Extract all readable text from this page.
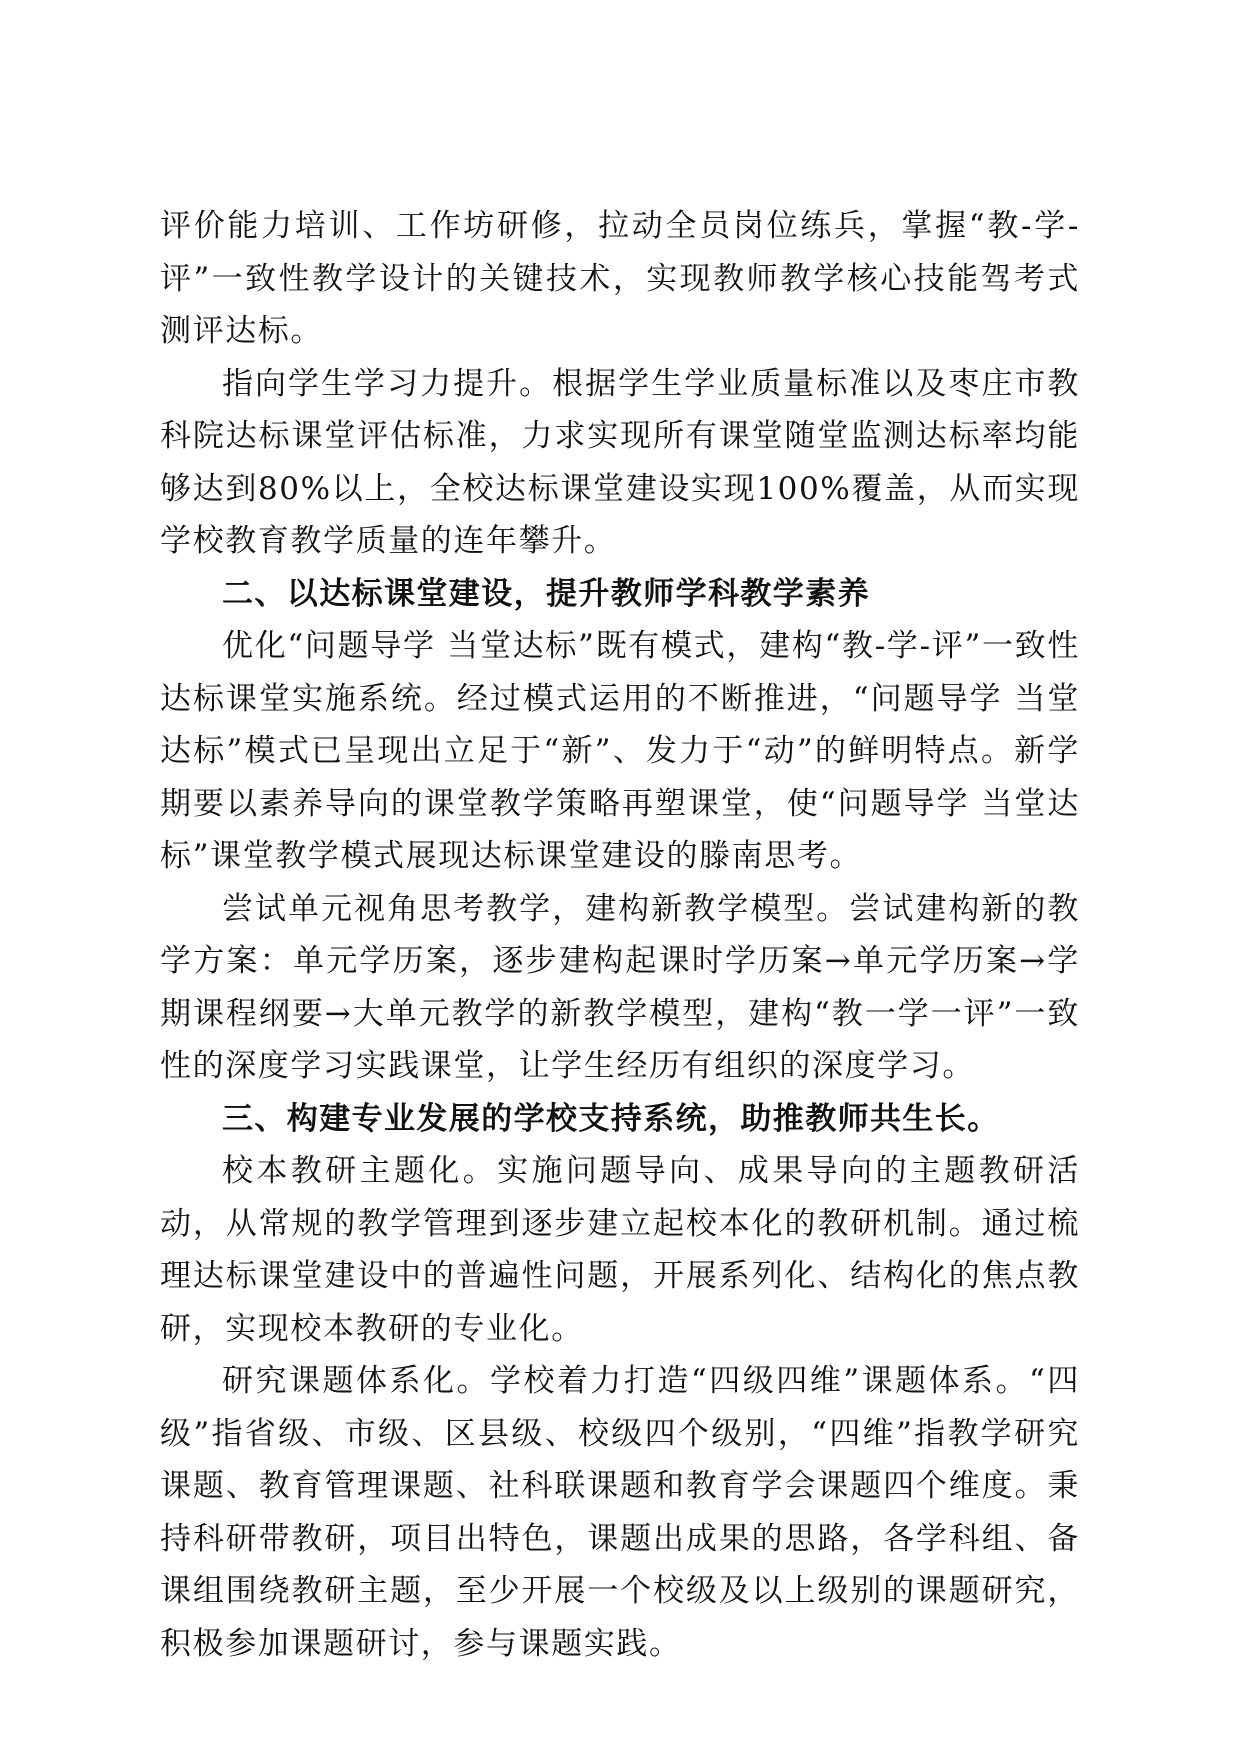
评价能力培训、工作坊研修，拉动全员岗位练兵，掌握“教-学-评”一致性教学设计的关键技术，实现教师教学核心技能驾考式测评达标。

指向学生学习力提升。根据学生学业质量标准以及枣庄市教科院达标课堂评估标准，力求实现所有课堂随堂监测达标率均能够达到80%以上，全校达标课堂建设实现100%覆盖，从而实现学校教育教学质量的连年攀升。

二、以达标课堂建设，提升教师学科教学素养

优化“问题导学 当堂达标”既有模式，建构“教-学-评”一致性达标课堂实施系统。经过模式运用的不断推进，“问题导学 当堂达标”模式已呈现出立足于“新”、发力于“动”的鲜明特点。新学期要以素养导向的课堂教学策略再塑课堂，使“问题导学 当堂达标”课堂教学模式展现达标课堂建设的滕南思考。

尝试单元视角思考教学，建构新教学模型。尝试建构新的教学方案：单元学历案，逐步建构起课时学历案→单元学历案→学期课程纲要→大单元教学的新教学模型，建构“教一学一评”一致性的深度学习实践课堂，让学生经历有组织的深度学习。

三、构建专业发展的学校支持系统，助推教师共生长。

校本教研主题化。实施问题导向、成果导向的主题教研活动，从常规的教学管理到逐步建立起校本化的教研机制。通过梳理达标课堂建设中的普遍性问题，开展系列化、结构化的焦点教研，实现校本教研的专业化。

研究课题体系化。学校着力打造“四级四维”课题体系。“四级”指省级、市级、区县级、校级四个级别，“四维”指教学研究课题、教育管理课题、社科联课题和教育学会课题四个维度。秉持科研带教研，项目出特色，课题出成果的思路，各学科组、备课组围绕教研主题，至少开展一个校级及以上级别的课题研究，积极参加课题研讨，参与课题实践。
